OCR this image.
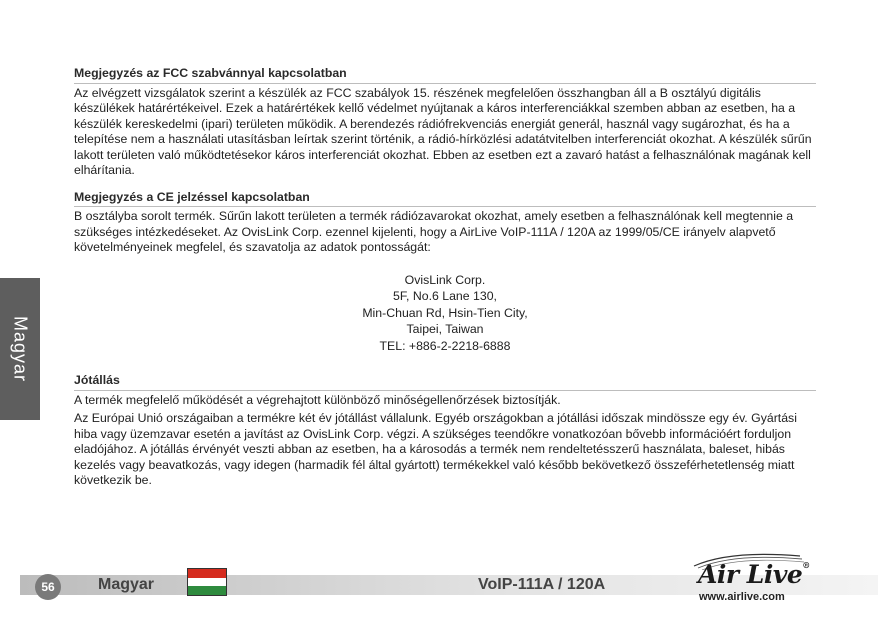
Magyar
Megjegyzés az FCC szabvánnyal kapcsolatban

Az elvégzett vizsgálatok szerint a készülék az FCC szabályok 15. részének megfelelően összhangban áll a B osztályú digitális készülékek határértékeivel. Ezek a határértékek kellő védelmet nyújtanak a káros interferenciákkal szemben abban az esetben, ha a készülék kereskedelmi (ipari) területen működik. A berendezés rádiófrekvenciás energiát generál, használ vagy sugározhat, és ha a telepítése nem a használati utasításban leírtak szerint történik, a rádió-hírközlési adatátvitelben interferenciát okozhat. A készülék sűrűn lakott területen való működtetésekor káros interferenciát okozhat. Ebben az esetben ezt a zavaró hatást a felhasználónak magának kell elhárítania.

Megjegyzés a CE jelzéssel kapcsolatban

B osztályba sorolt termék. Sűrűn lakott területen a termék rádiózavarokat okozhat, amely esetben a felhasználónak kell megtennie a szükséges intézkedéseket. Az OvisLink Corp. ezennel kijelenti, hogy a AirLive VoIP-111A / 120A az 1999/05/CE irányelv alapvető követelményeinek megfelel, és szavatolja az adatok pontosságát:

OvisLink Corp.
5F, No.6 Lane 130,
Min-Chuan Rd, Hsin-Tien City,
Taipei, Taiwan
TEL: +886-2-2218-6888
Jótállás

A termék megfelelő működését a végrehajtott különböző minőségellenőrzések biztosítják.

Az Európai Unió országaiban a termékre két év jótállást vállalunk. Egyéb országokban a jótállási időszak mindössze egy év. Gyártási hiba vagy üzemzavar esetén a javítást az OvisLink Corp. végzi. A szükséges teendőkre vonatkozóan bővebb információért forduljon eladójához. A jótállás érvényét veszti abban az esetben, ha a károsodás a termék nem rendeltetésszerű használata, baleset, hibás kezelés vagy beavatkozás, vagy idegen (harmadik fél által gyártott) termékekkel való később bekövetkező összeférhetetlenség miatt következik be.

56	Magyar	VoIP-111A / 120A	Air Live®
www.airlive.com
